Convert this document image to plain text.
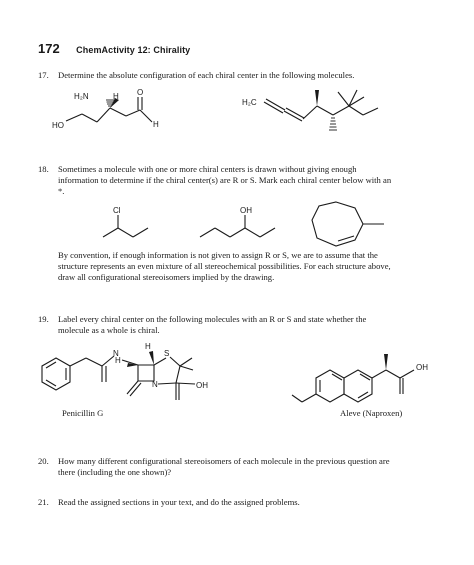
172 ChemActivity 12: Chirality
17. Determine the absolute configuration of each chiral center in the following molecules.
H₂N	H O
HO	H
H₂C
18. Sometimes a molecule with one or more chiral centers is drawn without giving enough
information to determine if the chiral center(s) are R or S. Mark each chiral center below with an
*.
Cl	OH
By convention, if enough information is not given to assign R or S, we are to assume that the
structure represents an even mixture of all stereochemical possibilities. For each structure above,
draw all configurational stereoisomers implied by the drawing.
19. Label every chiral center on the following molecules with an R or S and state whether the
molecule as a whole is chiral.
N
H
H
S
N	OH
OH
Penicillin G	Aleve (Naproxen)
20. How many different configurational stereoisomers of each molecule in the previous question are
there (including the one shown)?
21. Read the assigned sections in your text, and do the assigned problems.
